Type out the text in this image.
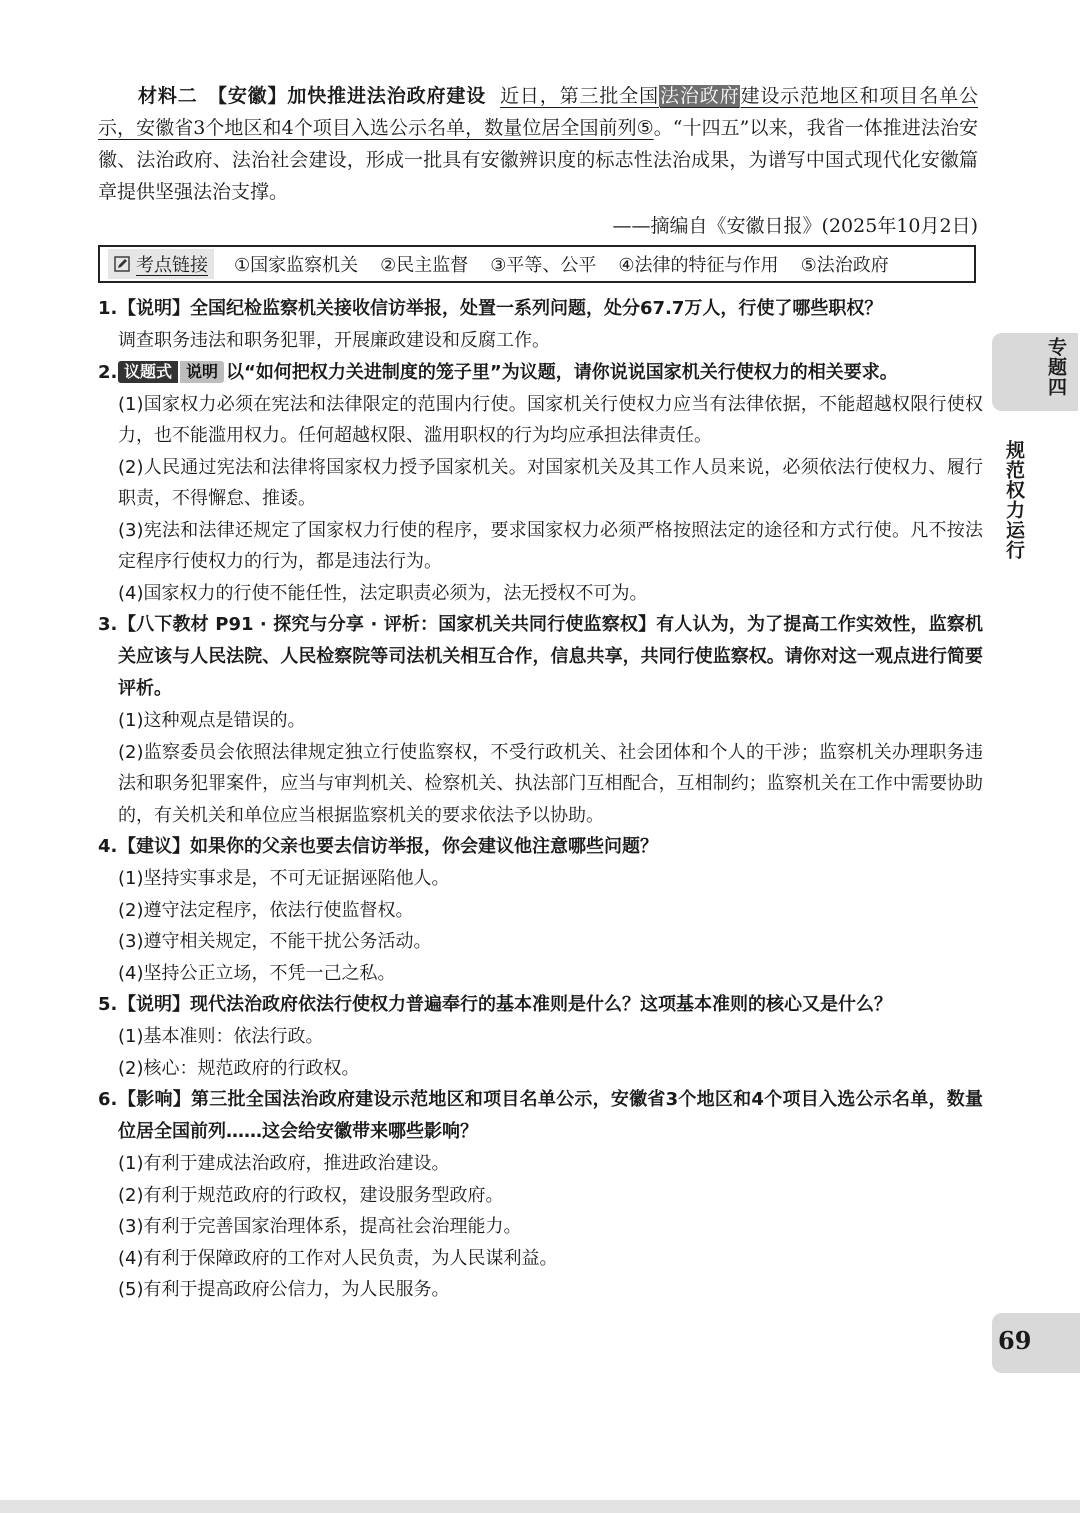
材料二　【安徽】加快推进法治政府建设 近日，第三批全国法治政府建设示范地区和项目名单公示，安徽省3个地区和4个项目入选公示名单，数量位居全国前列⑤。“十四五”以来，我省一体推进法治安徽、法治政府、法治社会建设，形成一批具有安徽辨识度的标志性法治成果，为谱写中国式现代化安徽篇章提供坚强法治支撑。

——摘编自《安徽日报》(2025年10月2日)
考点链接 ①国家监察机关 ②民主监督 ③平等、公平 ④法律的特征与作用 ⑤法治政府
1. 【说明】全国纪检监察机关接收信访举报，处置一系列问题，处分67.7万人，行使了哪些职权？
调查职务违法和职务犯罪，开展廉政建设和反腐工作。
2. 议题式 说明 以“如何把权力关进制度的笼子里”为议题，请你说说国家机关行使权力的相关要求。
(1)国家权力必须在宪法和法律限定的范围内行使。国家机关行使权力应当有法律依据，不能超越权限行使权力，也不能滥用权力。任何超越权限、滥用职权的行为均应承担法律责任。
(2)人民通过宪法和法律将国家权力授予国家机关。对国家机关及其工作人员来说，必须依法行使权力、履行职责，不得懈怠、推诿。
(3)宪法和法律还规定了国家权力行使的程序，要求国家权力必须严格按照法定的途径和方式行使。凡不按法定程序行使权力的行为，都是违法行为。
(4)国家权力的行使不能任性，法定职责必须为，法无授权不可为。
3. 【八下教材 P91 · 探究与分享 · 评析：国家机关共同行使监察权】有人认为，为了提高工作实效性，监察机关应该与人民法院、人民检察院等司法机关相互合作，信息共享，共同行使监察权。请你对这一观点进行简要评析。
(1)这种观点是错误的。
(2)监察委员会依照法律规定独立行使监察权，不受行政机关、社会团体和个人的干涉；监察机关办理职务违法和职务犯罪案件，应当与审判机关、检察机关、执法部门互相配合，互相制约；监察机关在工作中需要协助的，有关机关和单位应当根据监察机关的要求依法予以协助。
4. 【建议】如果你的父亲也要去信访举报，你会建议他注意哪些问题？
(1)坚持实事求是，不可无证据诬陷他人。
(2)遵守法定程序，依法行使监督权。
(3)遵守相关规定，不能干扰公务活动。
(4)坚持公正立场，不凭一己之私。
5. 【说明】现代法治政府依法行使权力普遍奉行的基本准则是什么？这项基本准则的核心又是什么？
(1)基本准则：依法行政。
(2)核心：规范政府的行政权。
6. 【影响】第三批全国法治政府建设示范地区和项目名单公示，安徽省3个地区和4个项目入选公示名单，数量位居全国前列……这会给安徽带来哪些影响？
(1)有利于建成法治政府，推进政治建设。
(2)有利于规范政府的行政权，建设服务型政府。
(3)有利于完善国家治理体系，提高社会治理能力。
(4)有利于保障政府的工作对人民负责，为人民谋利益。
(5)有利于提高政府公信力，为人民服务。
专题四
规范权力运行
69
